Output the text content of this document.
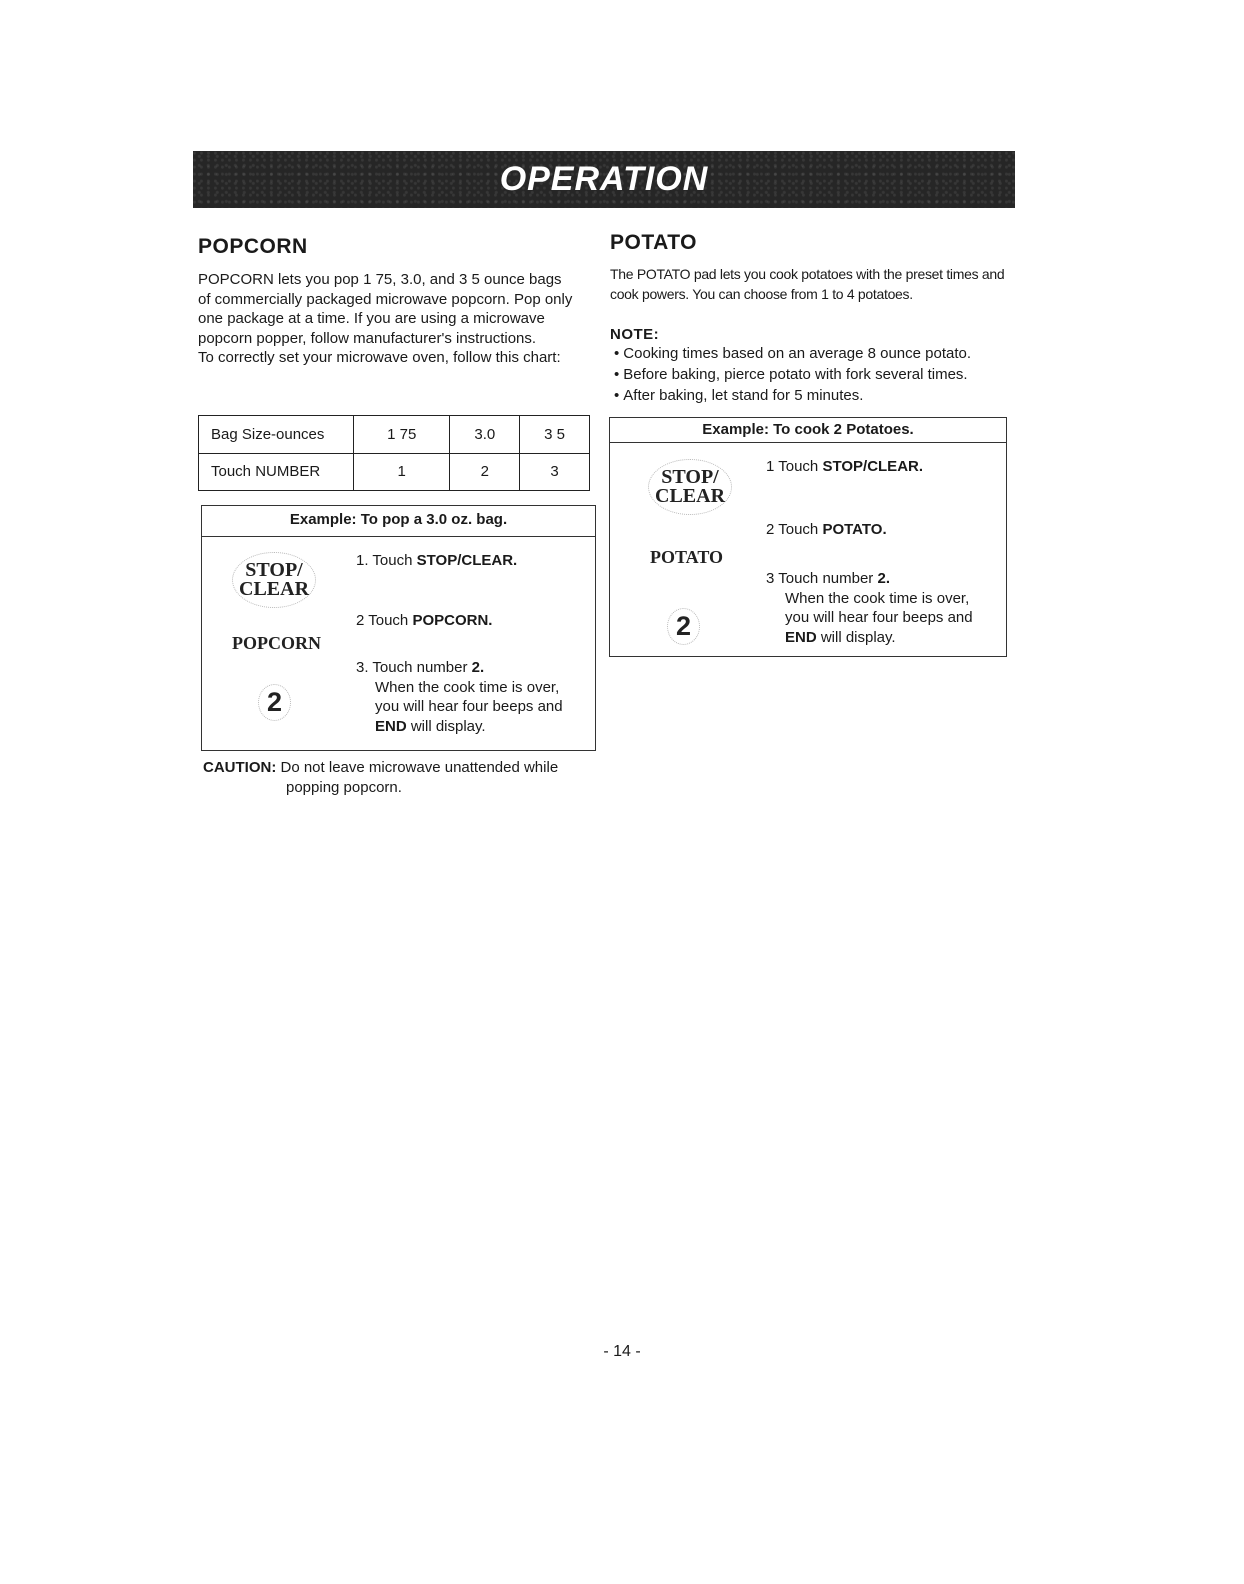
OPERATION
POPCORN

POPCORN lets you pop 1 75, 3.0, and 3 5 ounce bags of commercially packaged microwave popcorn. Pop only one package at a time. If you are using a microwave popcorn popper, follow manufacturer's instructions.

To correctly set your microwave oven, follow this chart:

Bag Size-ounces	1 75	3.0	3 5
Touch NUMBER	1	2	3
Example: To pop a 3.0 oz. bag.
STOP/
CLEAR
POPCORN
2
1. Touch STOP/CLEAR.
2 Touch POPCORN.
3. Touch number 2.
When the cook time is over,
you will hear four beeps and
END will display.
CAUTION: Do not leave microwave unattended while
popping popcorn.
POTATO
The POTATO pad lets you cook potatoes with the preset times and cook powers. You can choose from 1 to 4 potatoes.
NOTE:
• Cooking times based on an average 8 ounce potato.
• Before baking, pierce potato with fork several times.
• After baking, let stand for 5 minutes.
Example: To cook 2 Potatoes.
STOP/
CLEAR
POTATO
2
1 Touch STOP/CLEAR.
2 Touch POTATO.
3 Touch number 2.
When the cook time is over,
you will hear four beeps and
END will display.
- 14 -
